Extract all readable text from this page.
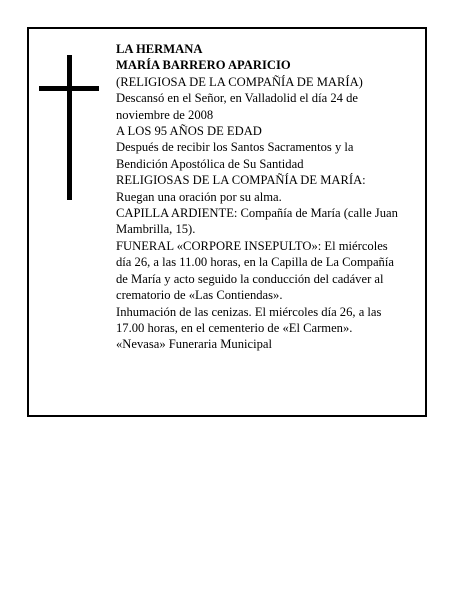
LA HERMANA
MARÍA BARRERO APARICIO
(RELIGIOSA DE LA COMPAÑÍA DE MARÍA)
Descansó en el Señor, en Valladolid el día 24 de
noviembre de 2008
A LOS 95 AÑOS DE EDAD
Después de recibir los Santos Sacramentos y la
Bendición Apostólica de Su Santidad
RELIGIOSAS DE LA COMPAÑÍA DE MARÍA:
Ruegan una oración por su alma.
CAPILLA ARDIENTE: Compañía de María (calle Juan
Mambrilla, 15).
FUNERAL «CORPORE INSEPULTO»: El miércoles
día 26, a las 11.00 horas, en la Capilla de La Compañía
de María y acto seguido la conducción del cadáver al
crematorio de «Las Contiendas».
Inhumación de las cenizas. El miércoles día 26, a las
17.00 horas, en el cementerio de «El Carmen».
«Nevasa» Funeraria Municipal
